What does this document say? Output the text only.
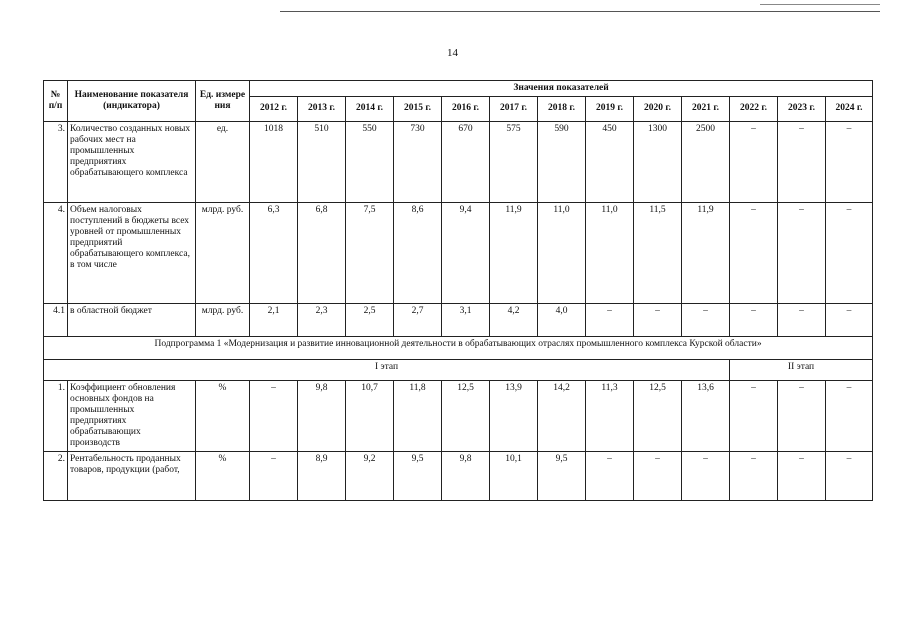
14
№ п/п	Наименование показателя (индикатора)	Ед. измере ния	Значения показателей												
			2012 г.	2013 г.	2014 г.	2015 г.	2016 г.	2017 г.	2018 г.	2019 г.	2020 г.	2021 г.	2022 г.	2023 г.	2024 г.
3.	Количество созданных новых рабочих мест на промышленных предприятиях обрабатывающего комплекса	ед.	1018	510	550	730	670	575	590	450	1300	2500	–	–	–
4.	Объем налоговых поступлений в бюджеты всех уровней от промышленных предприятий обрабатывающего комплекса, в том числе	млрд. руб.	6,3	6,8	7,5	8,6	9,4	11,9	11,0	11,0	11,5	11,9	–	–	–
4.1	в областной бюджет	млрд. руб.	2,1	2,3	2,5	2,7	3,1	4,2	4,0	–	–	–	–	–	–
Подпрограмма 1 «Модернизация и развитие инновационной деятельности в обрабатывающих отраслях промышленного комплекса Курской области»															
I этап													II этап		
1.	Коэффициент обновления основных фондов на промышленных предприятиях обрабатывающих производств	%	–	9,8	10,7	11,8	12,5	13,9	14,2	11,3	12,5	13,6	–	–	–
2.	Рентабельность проданных товаров, продукции (работ,	%	–	8,9	9,2	9,5	9,8	10,1	9,5	–	–	–	–	–	–
